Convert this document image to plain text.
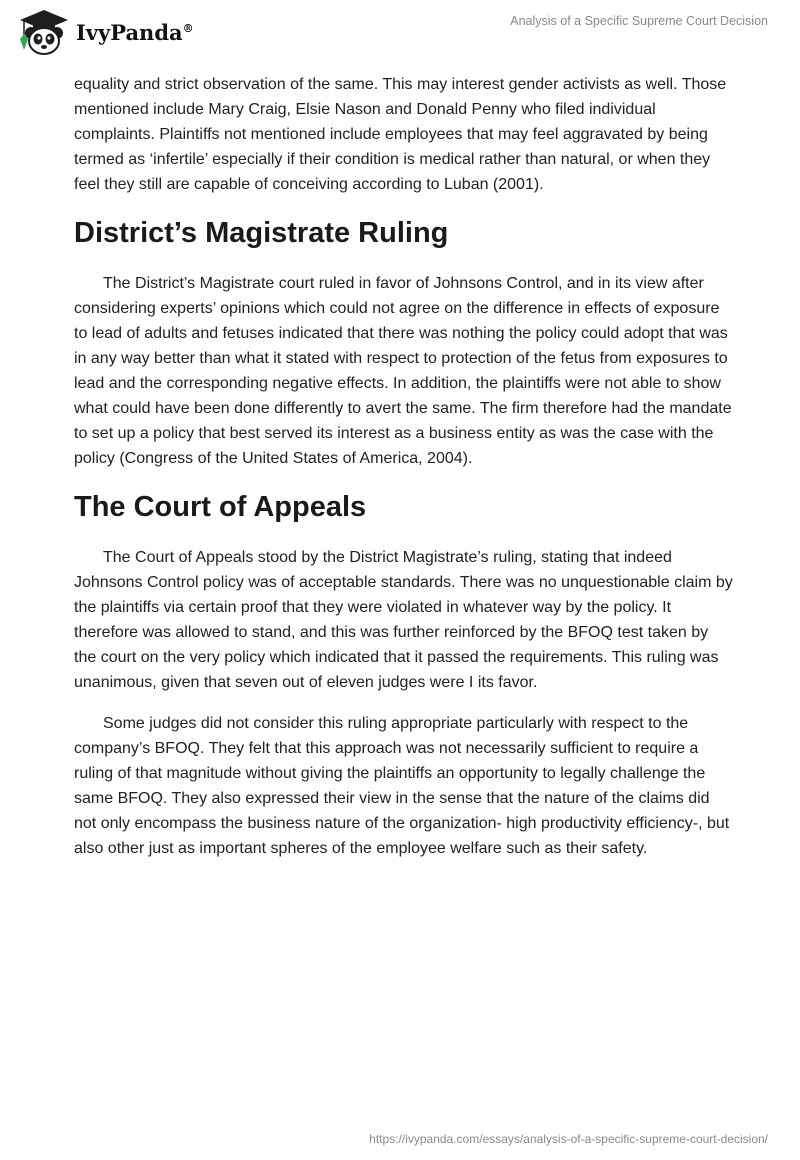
IvyPanda®
Analysis of a Specific Supreme Court Decision

equality and strict observation of the same. This may interest gender activists as well. Those mentioned include Mary Craig, Elsie Nason and Donald Penny who filed individual complaints. Plaintiffs not mentioned include employees that may feel aggravated by being termed as ‘infertile’ especially if their condition is medical rather than natural, or when they feel they still are capable of conceiving according to Luban (2001).

District’s Magistrate Ruling

The District’s Magistrate court ruled in favor of Johnsons Control, and in its view after considering experts’ opinions which could not agree on the difference in effects of exposure to lead of adults and fetuses indicated that there was nothing the policy could adopt that was in any way better than what it stated with respect to protection of the fetus from exposures to lead and the corresponding negative effects. In addition, the plaintiffs were not able to show what could have been done differently to avert the same. The firm therefore had the mandate to set up a policy that best served its interest as a business entity as was the case with the policy (Congress of the United States of America, 2004).

The Court of Appeals

The Court of Appeals stood by the District Magistrate’s ruling, stating that indeed Johnsons Control policy was of acceptable standards. There was no unquestionable claim by the plaintiffs via certain proof that they were violated in whatever way by the policy. It therefore was allowed to stand, and this was further reinforced by the BFOQ test taken by the court on the very policy which indicated that it passed the requirements. This ruling was unanimous, given that seven out of eleven judges were I its favor.

Some judges did not consider this ruling appropriate particularly with respect to the company’s BFOQ. They felt that this approach was not necessarily sufficient to require a ruling of that magnitude without giving the plaintiffs an opportunity to legally challenge the same BFOQ. They also expressed their view in the sense that the nature of the claims did not only encompass the business nature of the organization- high productivity efficiency-, but also other just as important spheres of the employee welfare such as their safety.

https://ivypanda.com/essays/analysis-of-a-specific-supreme-court-decision/
